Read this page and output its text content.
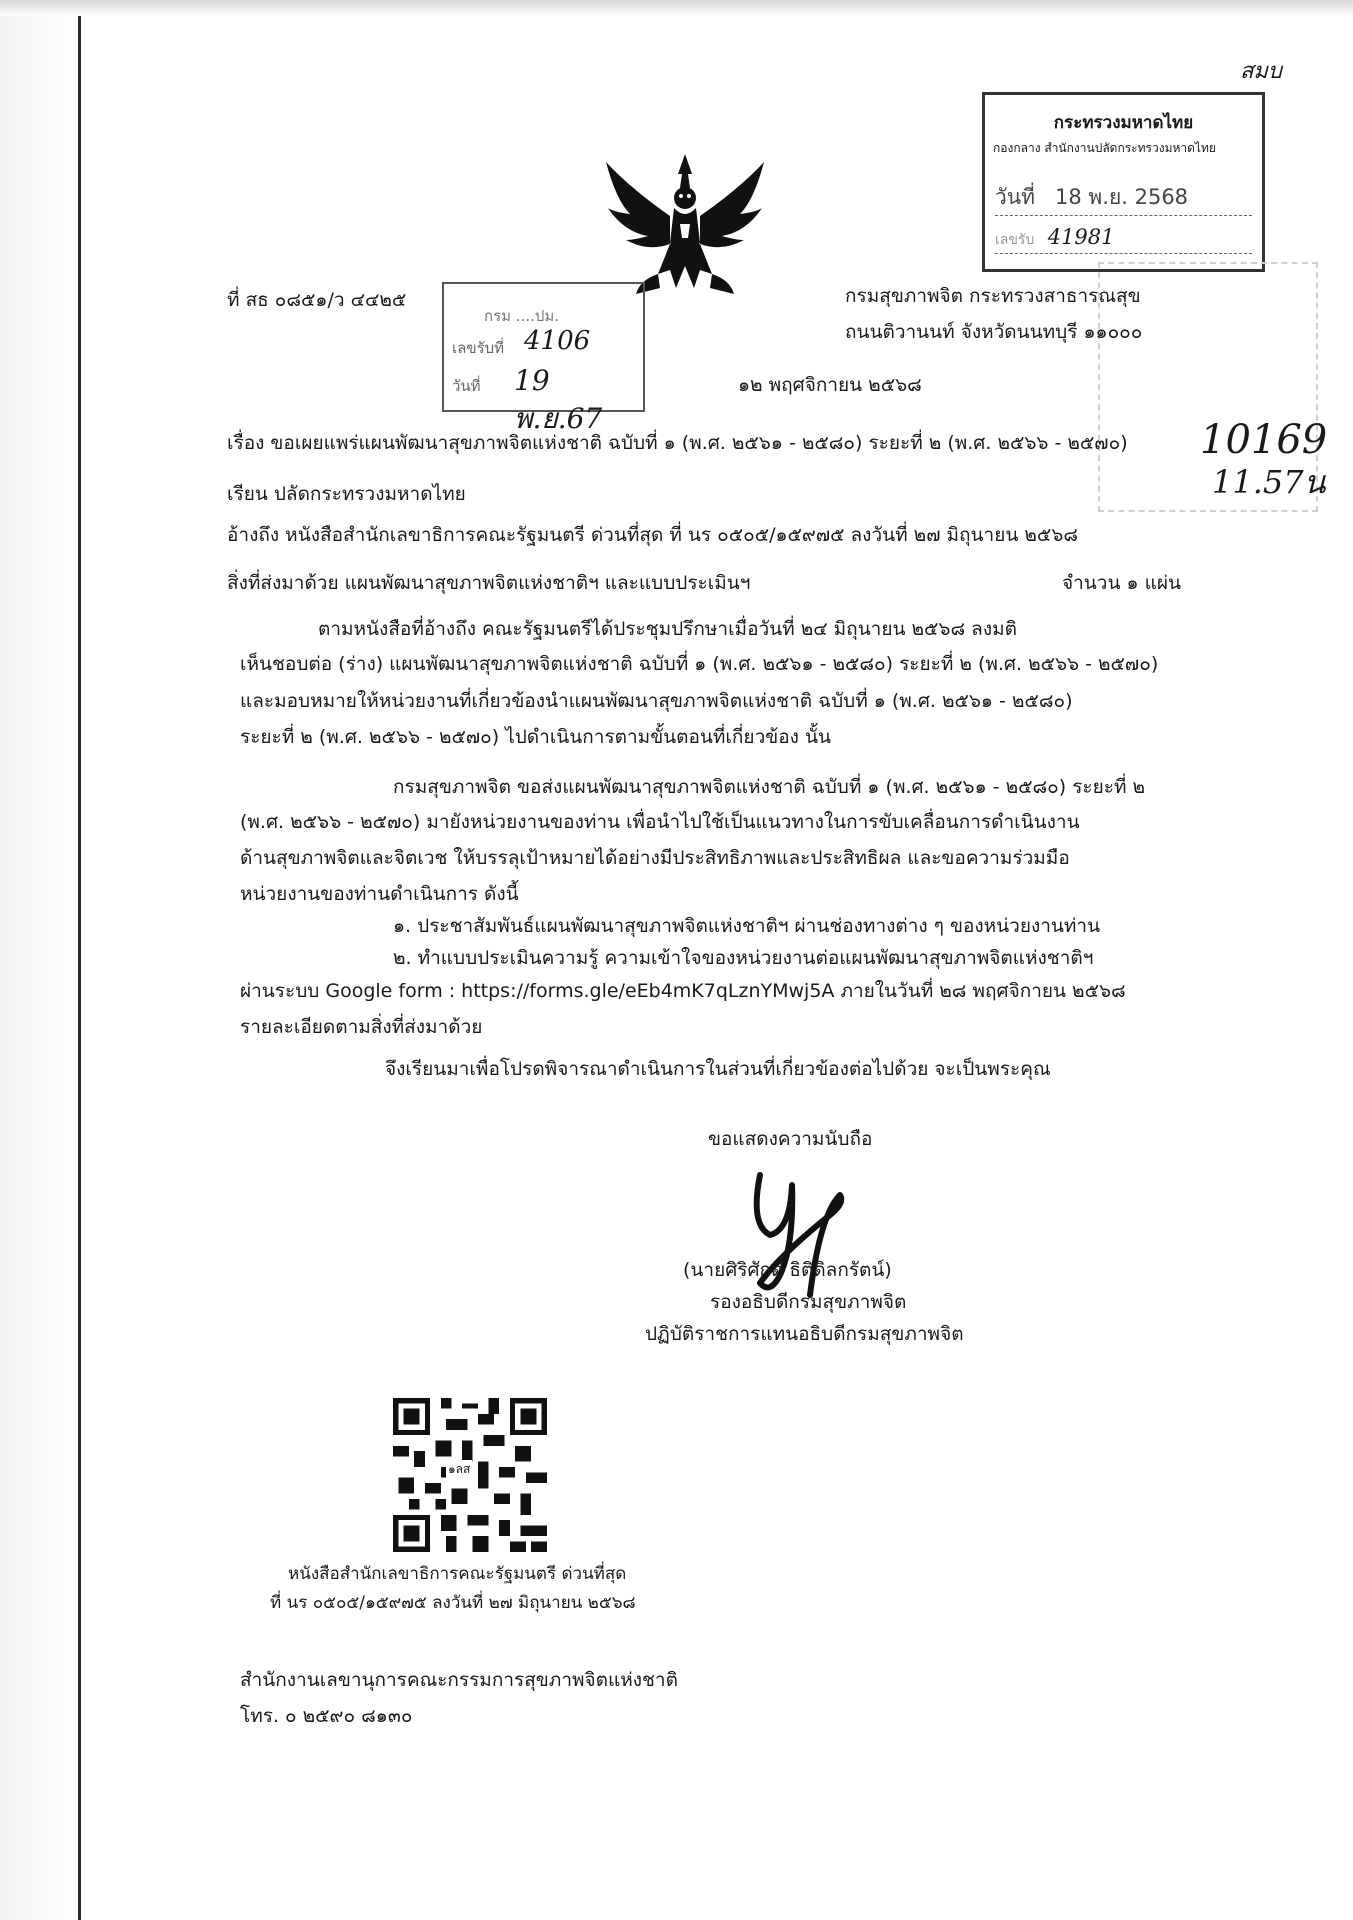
สมบ
กระทรวงมหาดไทย
กองกลาง สำนักงานปลัดกระทรวงมหาดไทย
วันที่ 18 พ.ย. 2568
เลขรับ 41981
10169
11.57น
กรม ....ปม.
เลขรับที่ 4106
วันที่ 19 พ.ย.67
ที่ สธ ๐๘๕๑/ว ๔๔๒๕	กรมสุขภาพจิต กระทรวงสาธารณสุข
ถนนติวานนท์ จังหวัดนนทบุรี ๑๑๐๐๐
๑๒ พฤศจิกายน ๒๕๖๘
เรื่อง ขอเผยแพร่แผนพัฒนาสุขภาพจิตแห่งชาติ ฉบับที่ ๑ (พ.ศ. ๒๕๖๑ - ๒๕๘๐) ระยะที่ ๒ (พ.ศ. ๒๕๖๖ - ๒๕๗๐)
เรียน ปลัดกระทรวงมหาดไทย
อ้างถึง หนังสือสำนักเลขาธิการคณะรัฐมนตรี ด่วนที่สุด ที่ นร ๐๕๐๕/๑๕๙๗๕ ลงวันที่ ๒๗ มิถุนายน ๒๕๖๘
สิ่งที่ส่งมาด้วย แผนพัฒนาสุขภาพจิตแห่งชาติฯ และแบบประเมินฯ	จำนวน ๑ แผ่น
ตามหนังสือที่อ้างถึง คณะรัฐมนตรีได้ประชุมปรึกษาเมื่อวันที่ ๒๔ มิถุนายน ๒๕๖๘ ลงมติ
เห็นชอบต่อ (ร่าง) แผนพัฒนาสุขภาพจิตแห่งชาติ ฉบับที่ ๑ (พ.ศ. ๒๕๖๑ - ๒๕๘๐) ระยะที่ ๒ (พ.ศ. ๒๕๖๖ - ๒๕๗๐)
และมอบหมายให้หน่วยงานที่เกี่ยวข้องนำแผนพัฒนาสุขภาพจิตแห่งชาติ ฉบับที่ ๑ (พ.ศ. ๒๕๖๑ - ๒๕๘๐)
ระยะที่ ๒ (พ.ศ. ๒๕๖๖ - ๒๕๗๐) ไปดำเนินการตามขั้นตอนที่เกี่ยวข้อง นั้น
กรมสุขภาพจิต ขอส่งแผนพัฒนาสุขภาพจิตแห่งชาติ ฉบับที่ ๑ (พ.ศ. ๒๕๖๑ - ๒๕๘๐) ระยะที่ ๒
(พ.ศ. ๒๕๖๖ - ๒๕๗๐) มายังหน่วยงานของท่าน เพื่อนำไปใช้เป็นแนวทางในการขับเคลื่อนการดำเนินงาน
ด้านสุขภาพจิตและจิตเวช ให้บรรลุเป้าหมายได้อย่างมีประสิทธิภาพและประสิทธิผล และขอความร่วมมือ
หน่วยงานของท่านดำเนินการ ดังนี้
๑. ประชาสัมพันธ์แผนพัฒนาสุขภาพจิตแห่งชาติฯ ผ่านช่องทางต่าง ๆ ของหน่วยงานท่าน
๒. ทำแบบประเมินความรู้ ความเข้าใจของหน่วยงานต่อแผนพัฒนาสุขภาพจิตแห่งชาติฯ
ผ่านระบบ Google form : https://forms.gle/eEb4mK7qLznYMwj5A ภายในวันที่ ๒๘ พฤศจิกายน ๒๕๖๘
รายละเอียดตามสิ่งที่ส่งมาด้วย
จึงเรียนมาเพื่อโปรดพิจารณาดำเนินการในส่วนที่เกี่ยวข้องต่อไปด้วย จะเป็นพระคุณ
ขอแสดงความนับถือ
(นายศิริศักดิ์ ธิติดิลกรัตน์)
รองอธิบดีกรมสุขภาพจิต
ปฏิบัติราชการแทนอธิบดีกรมสุขภาพจิต
๑ลส
หนังสือสำนักเลขาธิการคณะรัฐมนตรี ด่วนที่สุด
ที่ นร ๐๕๐๕/๑๕๙๗๕ ลงวันที่ ๒๗ มิถุนายน ๒๕๖๘
สำนักงานเลขานุการคณะกรรมการสุขภาพจิตแห่งชาติ
โทร. ๐ ๒๕๙๐ ๘๑๓๐
